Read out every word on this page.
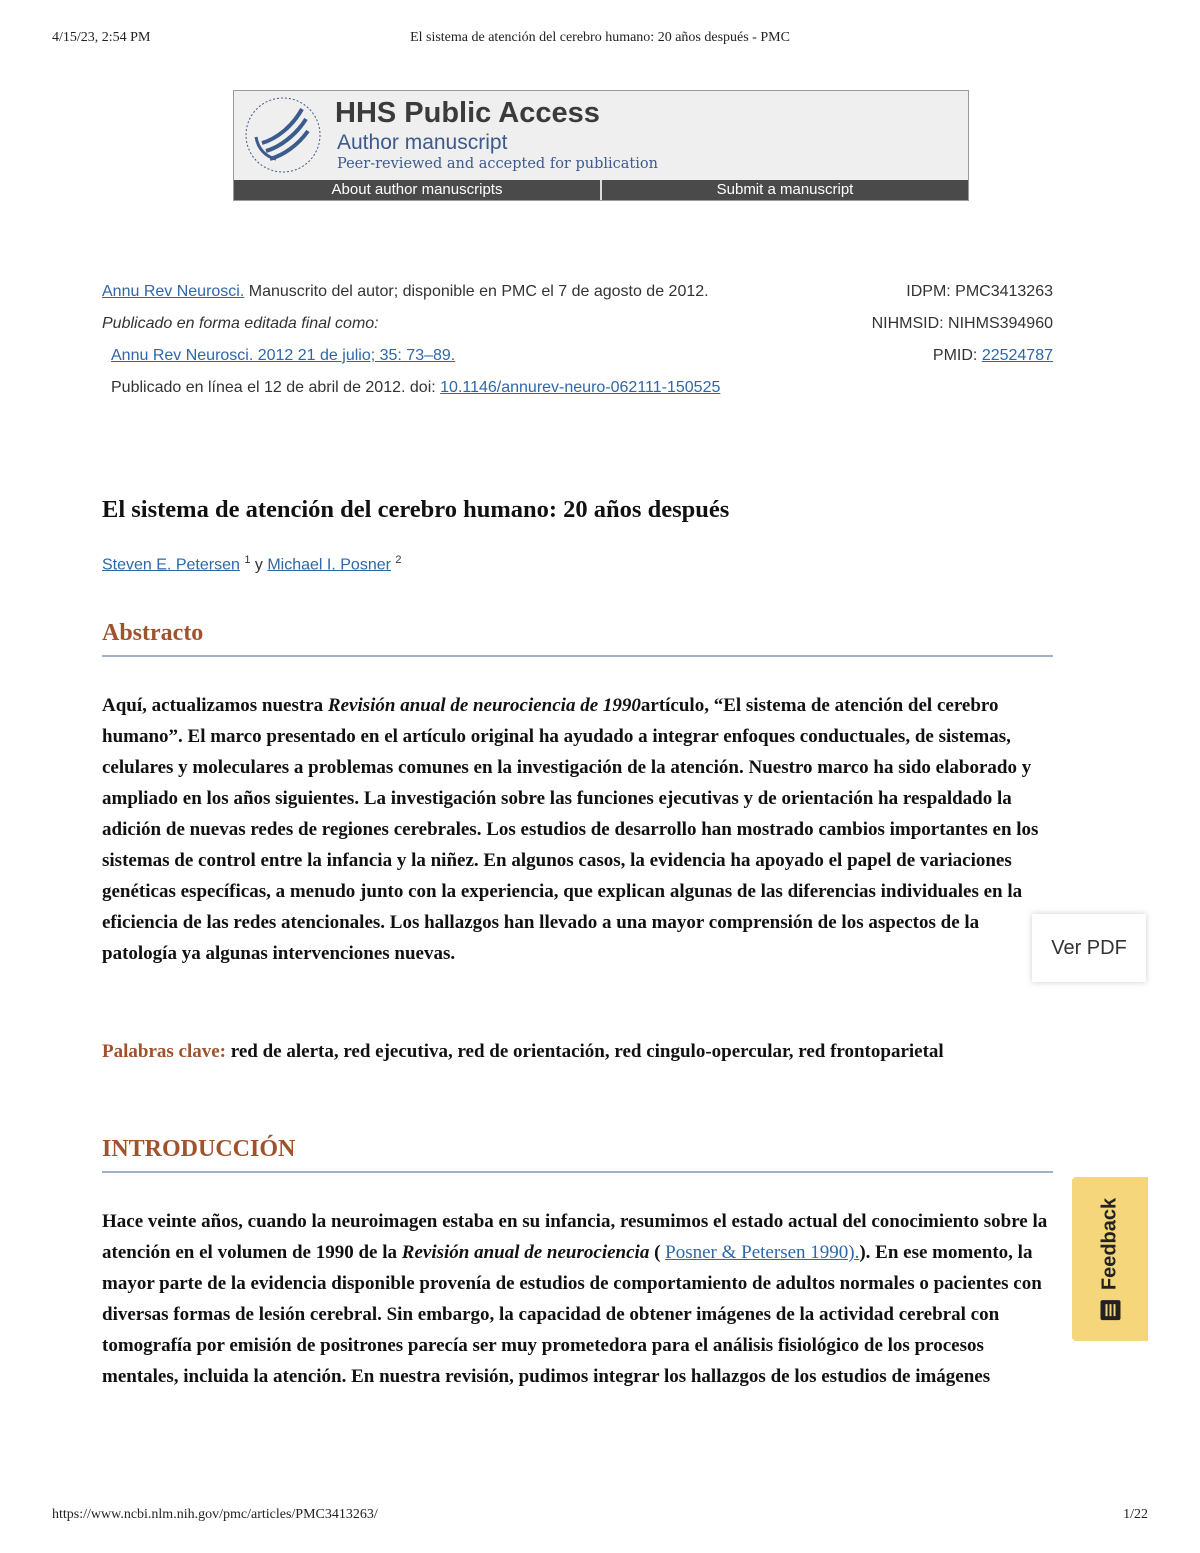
4/15/23, 2:54 PM	El sistema de atención del cerebro humano: 20 años después - PMC
HHS Public Access
Author manuscript
Peer-reviewed and accepted for publication
About author manuscripts	Submit a manuscript
Annu Rev Neurosci. Manuscrito del autor; disponible en PMC el 7 de agosto de 2012.
Publicado en forma editada final como:
Annu Rev Neurosci. 2012 21 de julio; 35: 73–89.
Publicado en línea el 12 de abril de 2012. doi: 10.1146/annurev-neuro-062111-150525
IDPM: PMC3413263
NIHMSID: NIHMS394960
PMID: 22524787
El sistema de atención del cerebro humano: 20 años después
Steven E. Petersen $^1$ y Michael I. Posner $^2$
Abstracto

Aquí, actualizamos nuestra Revisión anual de neurociencia de 1990artículo, “El sistema de atención del cerebro humano”. El marco presentado en el artículo original ha ayudado a integrar enfoques conductuales, de sistemas, celulares y moleculares a problemas comunes en la investigación de la atención. Nuestro marco ha sido elaborado y ampliado en los años siguientes. La investigación sobre las funciones ejecutivas y de orientación ha respaldado la adición de nuevas redes de regiones cerebrales. Los estudios de desarrollo han mostrado cambios importantes en los sistemas de control entre la infancia y la niñez. En algunos casos, la evidencia ha apoyado el papel de variaciones genéticas específicas, a menudo junto con la experiencia, que explican algunas de las diferencias individuales en la eficiencia de las redes atencionales. Los hallazgos han llevado a una mayor comprensión de los aspectos de la patología ya algunas intervenciones nuevas.

Palabras clave: red de alerta, red ejecutiva, red de orientación, red cingulo-opercular, red frontoparietal

INTRODUCCIÓN

Hace veinte años, cuando la neuroimagen estaba en su infancia, resumimos el estado actual del conocimiento sobre la atención en el volumen de 1990 de la Revisión anual de neurociencia ( Posner & Petersen 1990).). En ese momento, la mayor parte de la evidencia disponible provenía de estudios de comportamiento de adultos normales o pacientes con diversas formas de lesión cerebral. Sin embargo, la capacidad de obtener imágenes de la actividad cerebral con tomografía por emisión de positrones parecía ser muy prometedora para el análisis fisiológico de los procesos mentales, incluida la atención. En nuestra revisión, pudimos integrar los hallazgos de los estudios de imágenes

Ver PDF
Feedback
https://www.ncbi.nlm.nih.gov/pmc/articles/PMC3413263/	1/22
